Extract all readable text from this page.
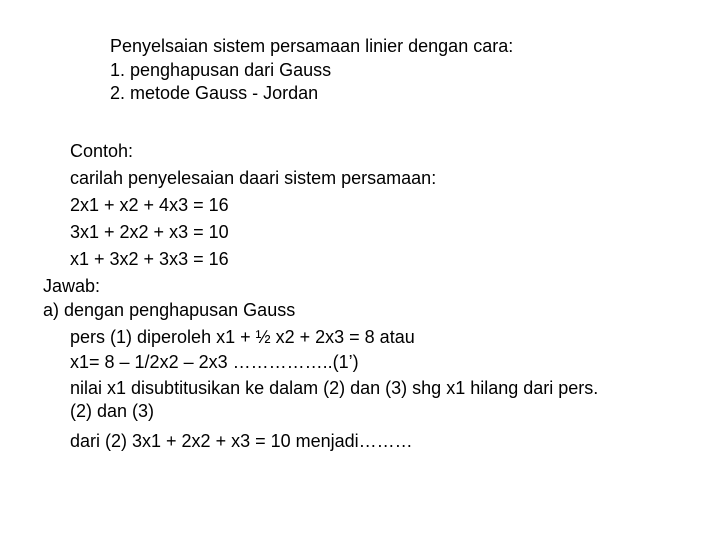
Penyelsaian sistem persamaan linier dengan cara:

1. penghapusan dari Gauss

2. metode Gauss - Jordan

Contoh:

carilah penyelesaian daari sistem persamaan:

2x1 + x2 + 4x3 = 16

3x1 + 2x2 + x3 = 10

x1 + 3x2 + 3x3 = 16

Jawab:

a) dengan penghapusan Gauss

pers (1) diperoleh x1 + ½ x2 + 2x3 = 8 atau

x1= 8 – 1/2x2 – 2x3 ……………..(1’)

nilai x1 disubtitusikan ke dalam (2) dan (3) shg x1 hilang dari pers.

(2) dan (3)

dari (2) 3x1 + 2x2 + x3 = 10 menjadi………
